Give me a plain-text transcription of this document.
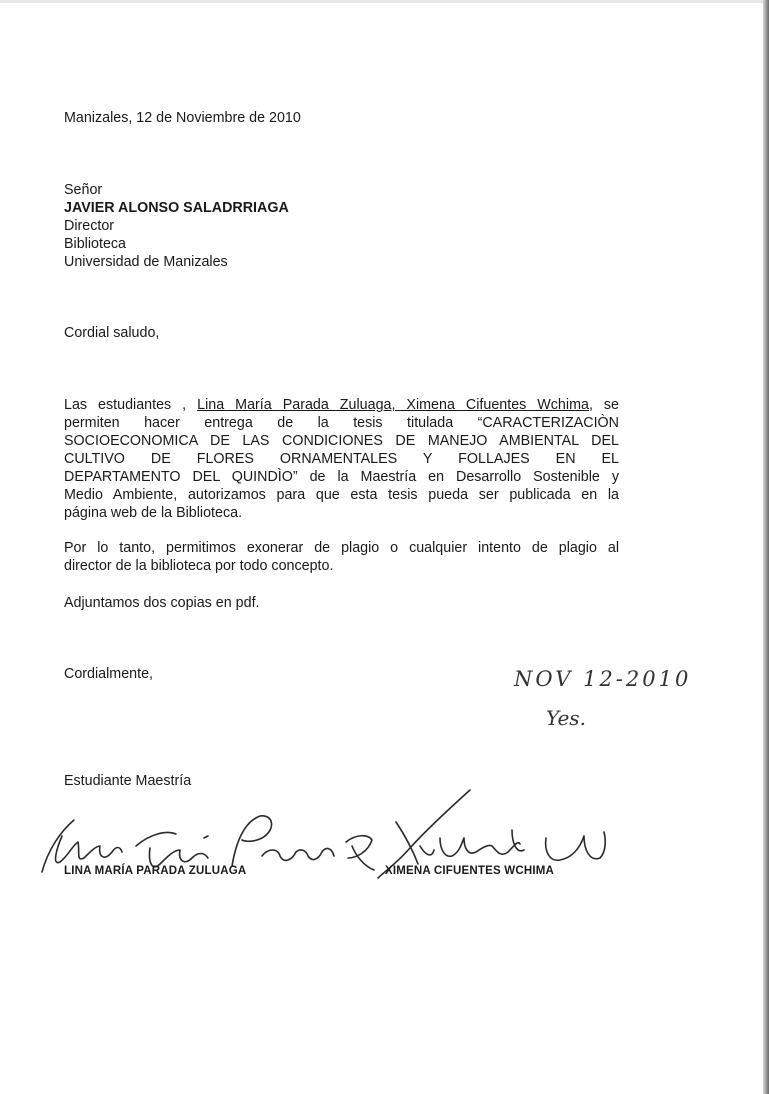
Manizales, 12 de Noviembre de 2010
Señor
JAVIER ALONSO SALADRRIAGA
Director
Biblioteca
Universidad de Manizales
Cordial saludo,
Las estudiantes , Lina María Parada Zuluaga, Ximena Cifuentes Wchima, se
permiten hacer entrega de la tesis titulada “CARACTERIZACIÒN
SOCIOECONOMICA DE LAS CONDICIONES DE MANEJO AMBIENTAL DEL
CULTIVO DE FLORES ORNAMENTALES Y FOLLAJES EN EL
DEPARTAMENTO DEL QUINDÌO” de la Maestría en Desarrollo Sostenible y
Medio Ambiente, autorizamos para que esta tesis pueda ser publicada en la
página web de la Biblioteca.
Por lo tanto, permitimos exonerar de plagio o cualquier intento de plagio al
director de la biblioteca por todo concepto.
Adjuntamos dos copias en pdf.
Cordialmente,	NOV 12-2010
Yes.
Estudiante Maestría
LINA MARÍA PARADA ZULUAGA	XIMENA CIFUENTES WCHIMA
